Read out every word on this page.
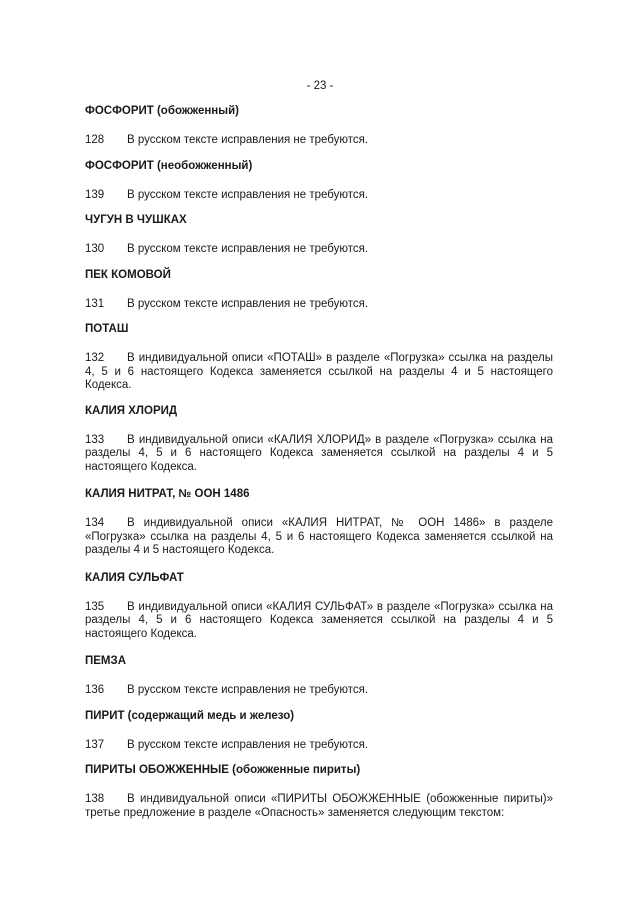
- 23 -

ФОСФОРИТ (обожженный)

128 В русском тексте исправления не требуются.

ФОСФОРИТ (необожженный)

139 В русском тексте исправления не требуются.

ЧУГУН В ЧУШКАХ

130 В русском тексте исправления не требуются.

ПЕК КОМОВОЙ

131 В русском тексте исправления не требуются.

ПОТАШ

132 В индивидуальной описи «ПОТАШ» в разделе «Погрузка» ссылка на разделы 4, 5 и 6 настоящего Кодекса заменяется ссылкой на разделы 4 и 5 настоящего Кодекса.

КАЛИЯ ХЛОРИД

133 В индивидуальной описи «КАЛИЯ ХЛОРИД» в разделе «Погрузка» ссылка на разделы 4, 5 и 6 настоящего Кодекса заменяется ссылкой на разделы 4 и 5 настоящего Кодекса.

КАЛИЯ НИТРАТ, № ООН 1486

134 В индивидуальной описи «КАЛИЯ НИТРАТ, № ООН 1486» в разделе «Погрузка» ссылка на разделы 4, 5 и 6 настоящего Кодекса заменяется ссылкой на разделы 4 и 5 настоящего Кодекса.

КАЛИЯ СУЛЬФАТ

135 В индивидуальной описи «КАЛИЯ СУЛЬФАТ» в разделе «Погрузка» ссылка на разделы 4, 5 и 6 настоящего Кодекса заменяется ссылкой на разделы 4 и 5 настоящего Кодекса.

ПЕМЗА

136 В русском тексте исправления не требуются.

ПИРИТ (содержащий медь и железо)

137 В русском тексте исправления не требуются.

ПИРИТЫ ОБОЖЖЕННЫЕ (обожженные пириты)

138 В индивидуальной описи «ПИРИТЫ ОБОЖЖЕННЫЕ (обожженные пириты)» третье предложение в разделе «Опасность» заменяется следующим текстом:
